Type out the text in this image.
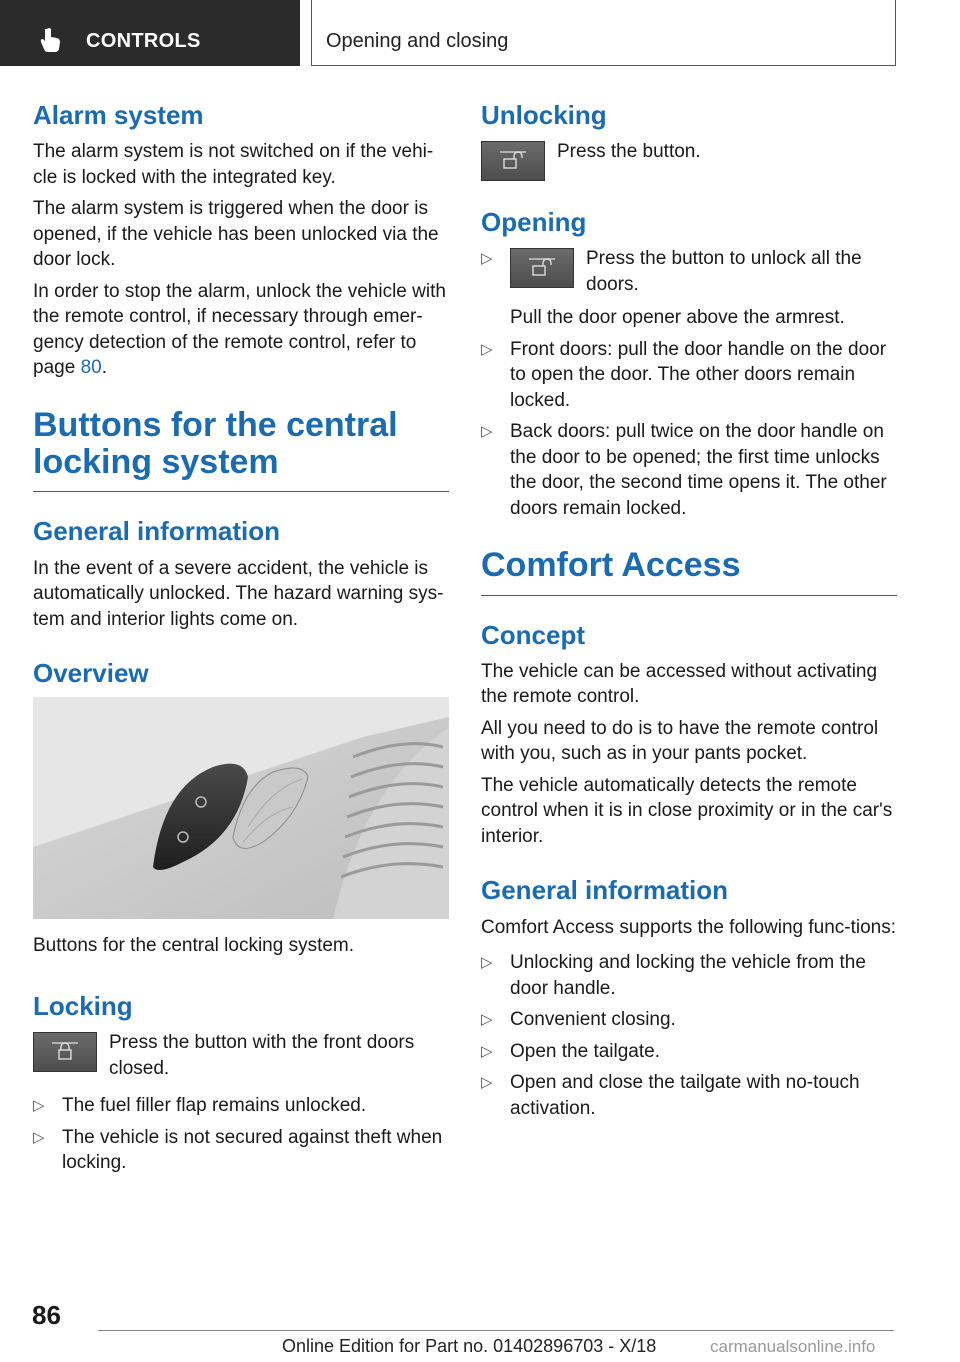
CONTROLS	Opening and closing
Alarm system

The alarm system is not switched on if the vehi‐cle is locked with the integrated key.

The alarm system is triggered when the door is opened, if the vehicle has been unlocked via the door lock.

In order to stop the alarm, unlock the vehicle with the remote control, if necessary through emer‐gency detection of the remote control, refer to page 80.

Buttons for the central locking system
General information

In the event of a severe accident, the vehicle is automatically unlocked. The hazard warning sys‐tem and interior lights come on.

Overview

Buttons for the central locking system.

Locking

Press the button with the front doors closed.

▷ The fuel filler flap remains unlocked.
▷ The vehicle is not secured against theft when locking.
Unlocking

Press the button.

Opening
▷	Press the button to unlock all the doors.

Pull the door opener above the armrest.
▷ Front doors: pull the door handle on the door to open the door. The other doors remain locked.
▷ Back doors: pull twice on the door handle on the door to be opened; the first time unlocks the door, the second time opens it. The other doors remain locked.
Comfort Access
Concept

The vehicle can be accessed without activating the remote control.

All you need to do is to have the remote control with you, such as in your pants pocket.

The vehicle automatically detects the remote control when it is in close proximity or in the car's interior.

General information

Comfort Access supports the following func‐tions:

▷ Unlocking and locking the vehicle from the door handle.
▷ Convenient closing.
▷ Open the tailgate.
▷ Open and close the tailgate with no-touch activation.
86
Online Edition for Part no. 01402896703 - X/18	carmanualsonline.info
